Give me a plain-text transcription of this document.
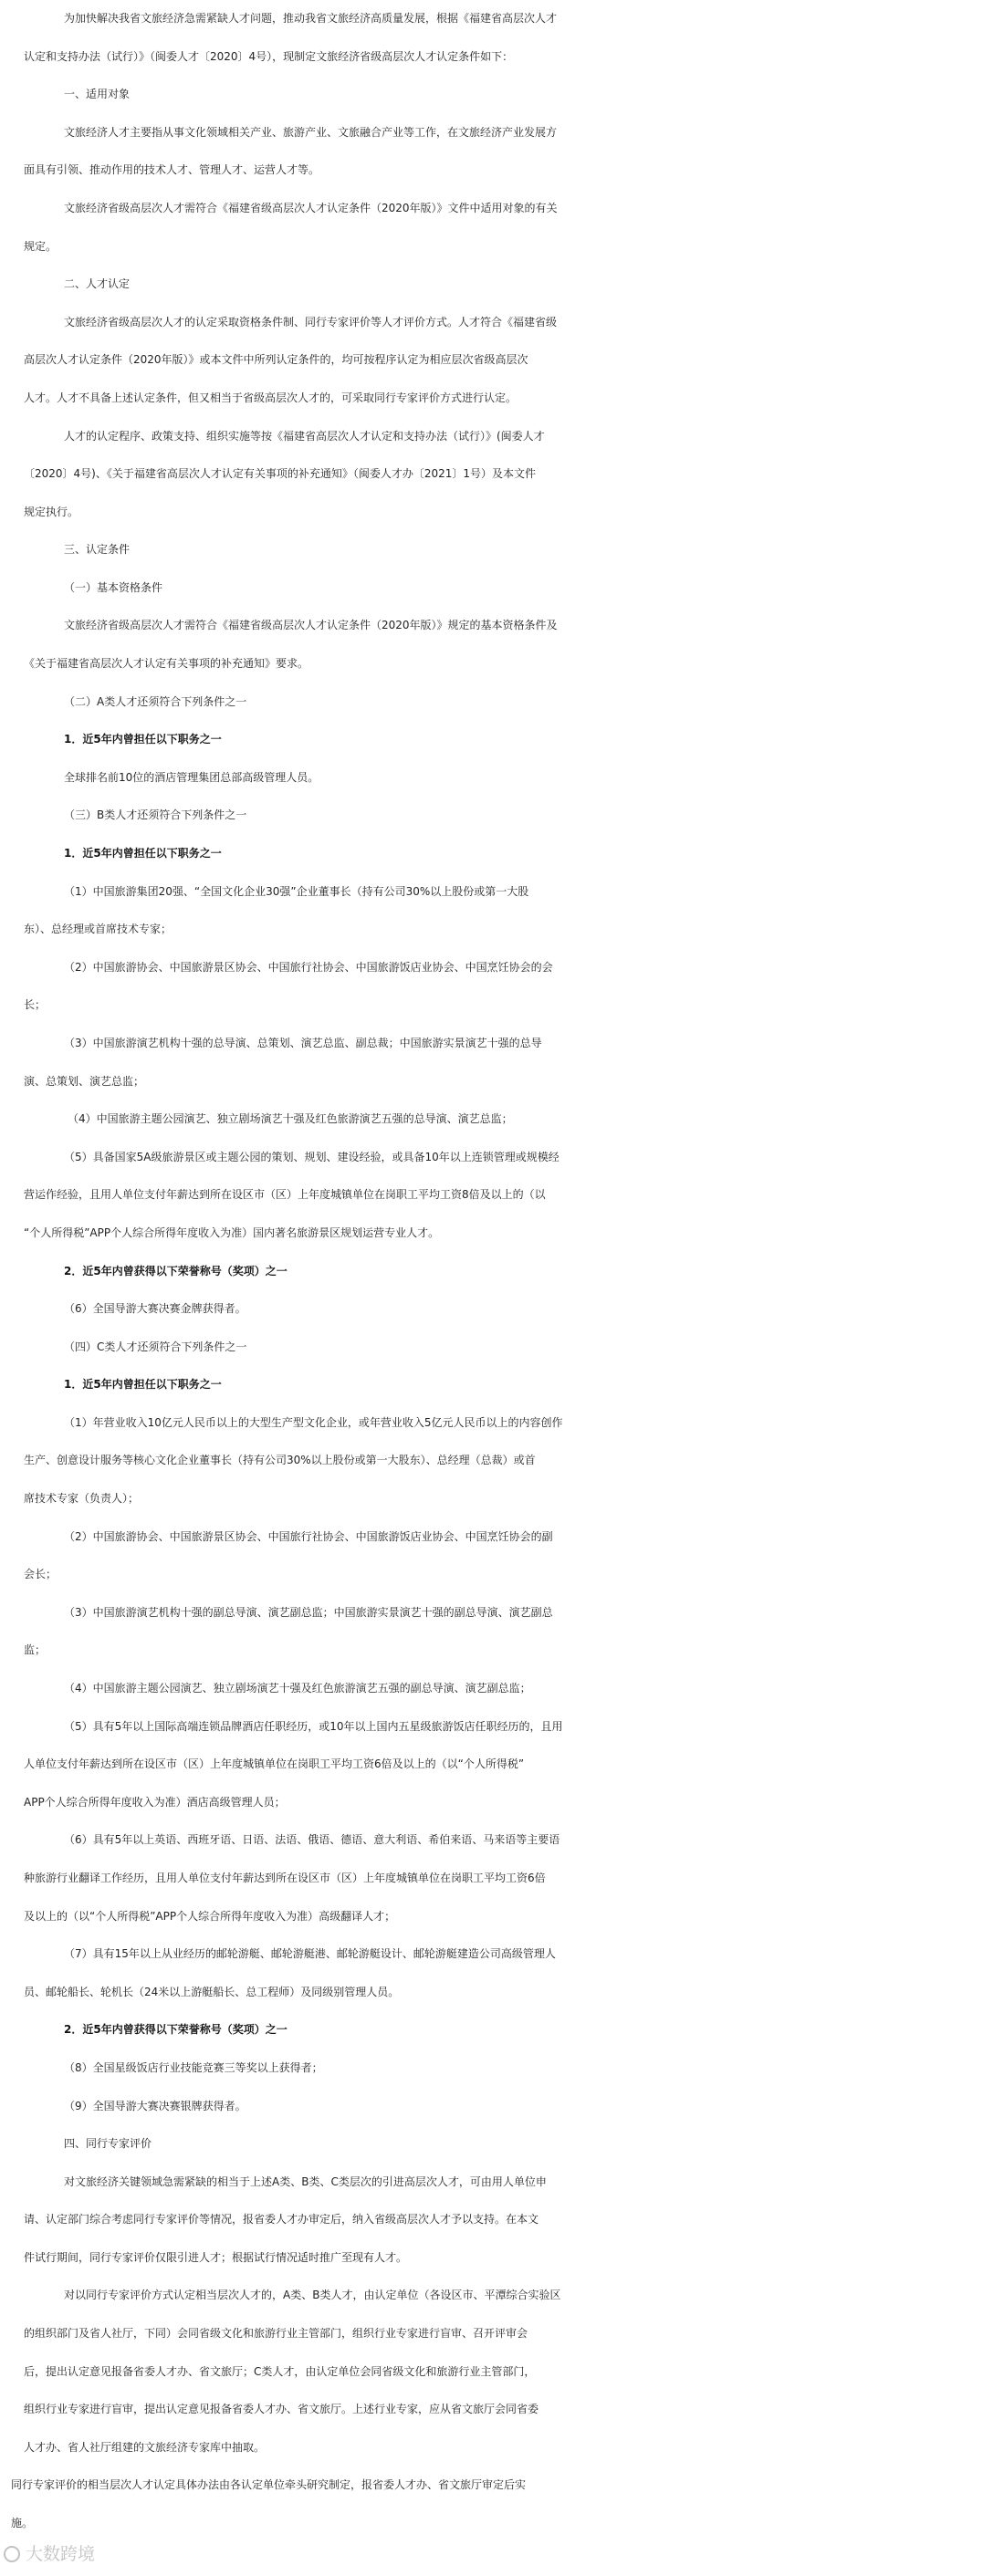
为加快解决我省文旅经济急需紧缺人才问题，推动我省文旅经济高质量发展，根据《福建省高层次人才
认定和支持办法（试行）》（闽委人才〔2020〕4号），现制定文旅经济省级高层次人才认定条件如下：
一、适用对象
文旅经济人才主要指从事文化领域相关产业、旅游产业、文旅融合产业等工作，在文旅经济产业发展方
面具有引领、推动作用的技术人才、管理人才、运营人才等。
文旅经济省级高层次人才需符合《福建省级高层次人才认定条件（2020年版）》文件中适用对象的有关
规定。
二、人才认定
文旅经济省级高层次人才的认定采取资格条件制、同行专家评价等人才评价方式。人才符合《福建省级
高层次人才认定条件（2020年版）》或本文件中所列认定条件的，均可按程序认定为相应层次省级高层次
人才。人才不具备上述认定条件，但又相当于省级高层次人才的，可采取同行专家评价方式进行认定。
人才的认定程序、政策支持、组织实施等按《福建省高层次人才认定和支持办法（试行）》(闽委人才
〔2020〕4号)、《关于福建省高层次人才认定有关事项的补充通知》（闽委人才办〔2021〕1号）及本文件
规定执行。
三、认定条件
（一）基本资格条件
文旅经济省级高层次人才需符合《福建省级高层次人才认定条件（2020年版）》规定的基本资格条件及
《关于福建省高层次人才认定有关事项的补充通知》要求。
（二）A类人才还须符合下列条件之一
1．近5年内曾担任以下职务之一
全球排名前10位的酒店管理集团总部高级管理人员。
（三）B类人才还须符合下列条件之一
1．近5年内曾担任以下职务之一
（1）中国旅游集团20强、“全国文化企业30强”企业董事长（持有公司30%以上股份或第一大股
东）、总经理或首席技术专家；
（2）中国旅游协会、中国旅游景区协会、中国旅行社协会、中国旅游饭店业协会、中国烹饪协会的会
长；
（3）中国旅游演艺机构十强的总导演、总策划、演艺总监、副总裁；中国旅游实景演艺十强的总导
演、总策划、演艺总监；
（4）中国旅游主题公园演艺、独立剧场演艺十强及红色旅游演艺五强的总导演、演艺总监；
（5）具备国家5A级旅游景区或主题公园的策划、规划、建设经验，或具备10年以上连锁管理或规模经
营运作经验，且用人单位支付年薪达到所在设区市（区）上年度城镇单位在岗职工平均工资8倍及以上的（以
“个人所得税”APP个人综合所得年度收入为准）国内著名旅游景区规划运营专业人才。
2．近5年内曾获得以下荣誉称号（奖项）之一
（6）全国导游大赛决赛金牌获得者。
（四）C类人才还须符合下列条件之一
1．近5年内曾担任以下职务之一
（1）年营业收入10亿元人民币以上的大型生产型文化企业，或年营业收入5亿元人民币以上的内容创作
生产、创意设计服务等核心文化企业董事长（持有公司30%以上股份或第一大股东）、总经理（总裁）或首
席技术专家（负责人）；
（2）中国旅游协会、中国旅游景区协会、中国旅行社协会、中国旅游饭店业协会、中国烹饪协会的副
会长；
（3）中国旅游演艺机构十强的副总导演、演艺副总监；中国旅游实景演艺十强的副总导演、演艺副总
监；
（4）中国旅游主题公园演艺、独立剧场演艺十强及红色旅游演艺五强的副总导演、演艺副总监；
（5）具有5年以上国际高端连锁品牌酒店任职经历，或10年以上国内五星级旅游饭店任职经历的，且用
人单位支付年薪达到所在设区市（区）上年度城镇单位在岗职工平均工资6倍及以上的（以“个人所得税”
APP个人综合所得年度收入为准）酒店高级管理人员；
（6）具有5年以上英语、西班牙语、日语、法语、俄语、德语、意大利语、希伯来语、马来语等主要语
种旅游行业翻译工作经历，且用人单位支付年薪达到所在设区市（区）上年度城镇单位在岗职工平均工资6倍
及以上的（以“个人所得税”APP个人综合所得年度收入为准）高级翻译人才；
（7）具有15年以上从业经历的邮轮游艇、邮轮游艇港、邮轮游艇设计、邮轮游艇建造公司高级管理人
员、邮轮船长、轮机长（24米以上游艇船长、总工程师）及同级别管理人员。
2．近5年内曾获得以下荣誉称号（奖项）之一
（8）全国星级饭店行业技能竞赛三等奖以上获得者；
（9）全国导游大赛决赛银牌获得者。
四、同行专家评价
对文旅经济关键领域急需紧缺的相当于上述A类、B类、C类层次的引进高层次人才，可由用人单位申
请、认定部门综合考虑同行专家评价等情况，报省委人才办审定后，纳入省级高层次人才予以支持。在本文
件试行期间，同行专家评价仅限引进人才；根据试行情况适时推广至现有人才。
对以同行专家评价方式认定相当层次人才的，A类、B类人才，由认定单位（各设区市、平潭综合实验区
的组织部门及省人社厅，下同）会同省级文化和旅游行业主管部门，组织行业专家进行盲审、召开评审会
后，提出认定意见报备省委人才办、省文旅厅；C类人才，由认定单位会同省级文化和旅游行业主管部门，
组织行业专家进行盲审，提出认定意见报备省委人才办、省文旅厅。上述行业专家，应从省文旅厅会同省委
人才办、省人社厅组建的文旅经济专家库中抽取。
同行专家评价的相当层次人才认定具体办法由各认定单位牵头研究制定，报省委人才办、省文旅厅审定后实
施。
大数跨境
